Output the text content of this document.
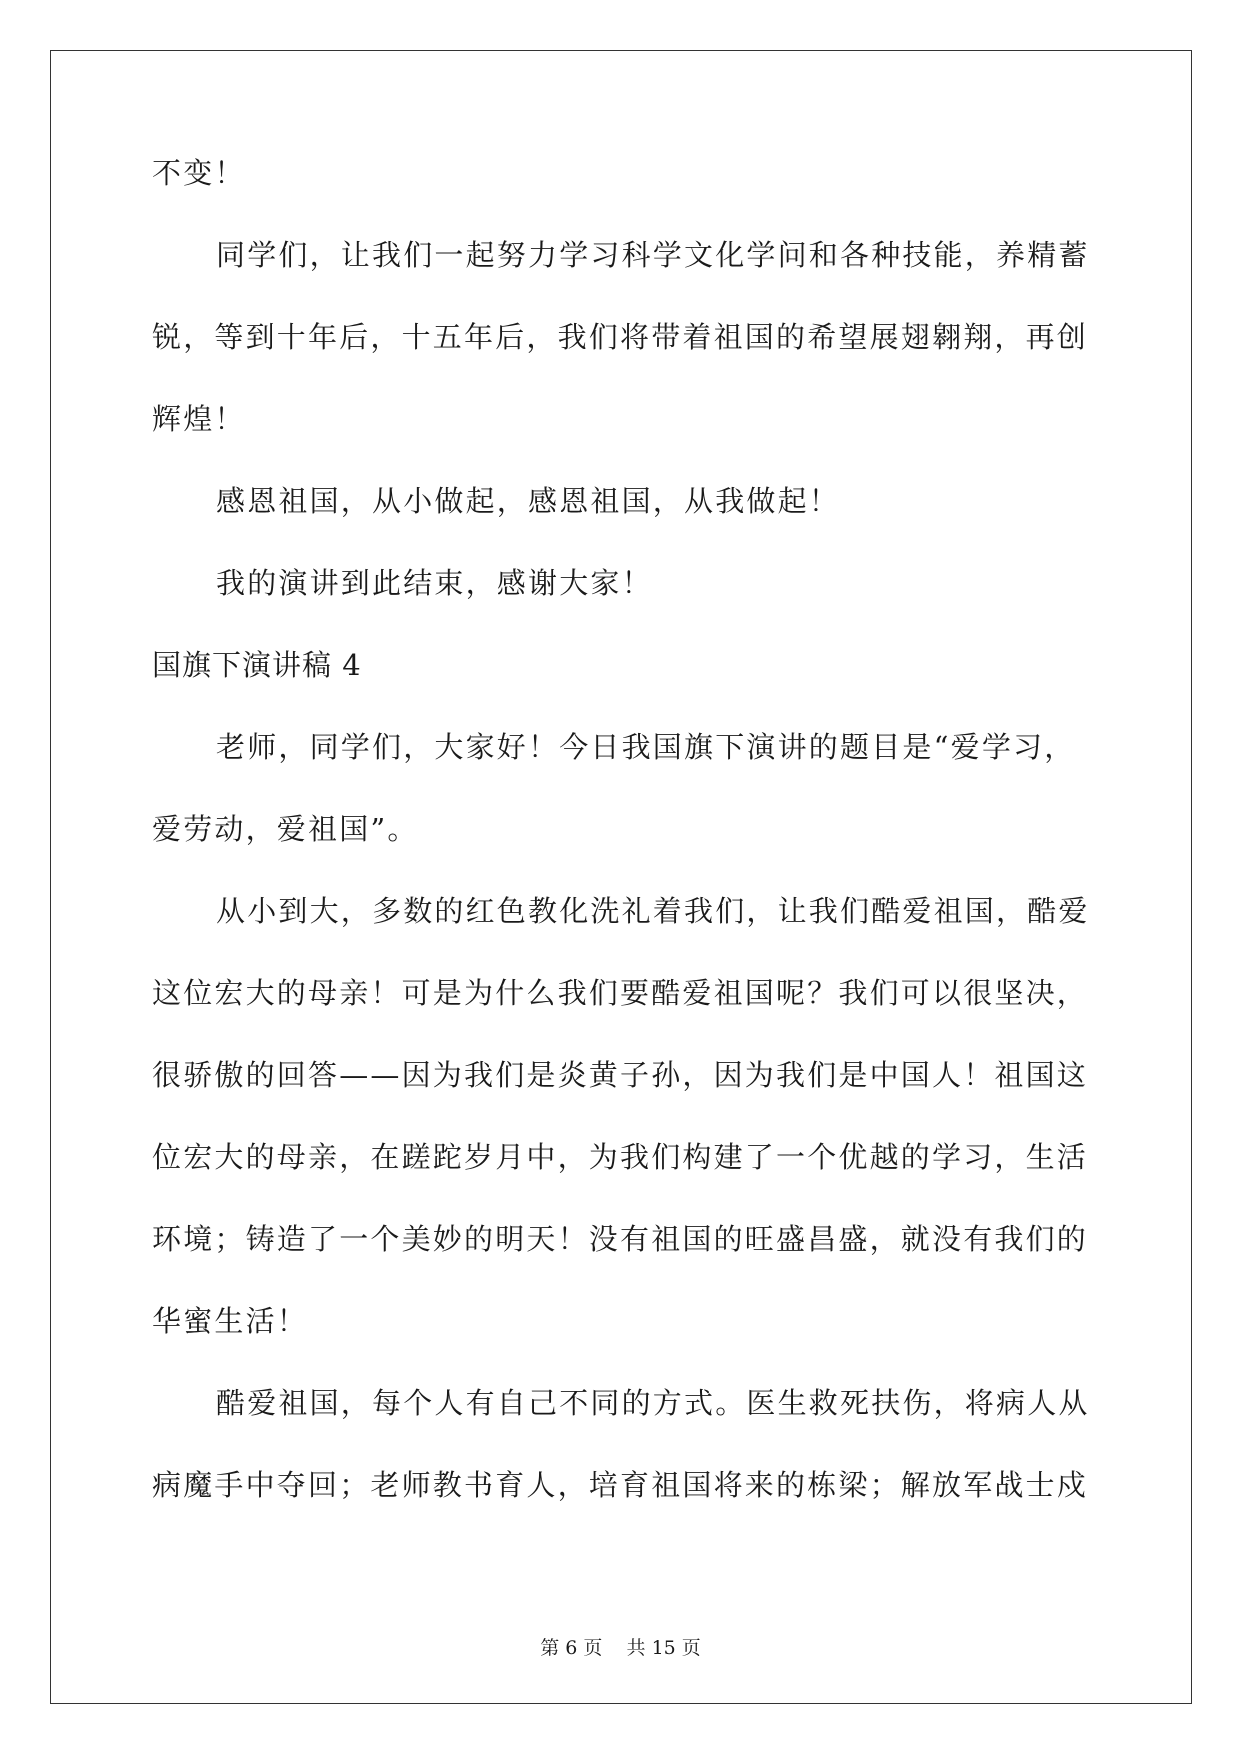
不变！

同学们，让我们一起努力学习科学文化学问和各种技能，养精蓄

锐，等到十年后，十五年后，我们将带着祖国的希望展翅翱翔，再创

辉煌！

感恩祖国，从小做起，感恩祖国，从我做起！

我的演讲到此结束，感谢大家！

国旗下演讲稿 4

老师，同学们，大家好！今日我国旗下演讲的题目是“爱学习，

爱劳动，爱祖国”。

从小到大，多数的红色教化洗礼着我们，让我们酷爱祖国，酷爱

这位宏大的母亲！可是为什么我们要酷爱祖国呢？我们可以很坚决，

很骄傲的回答——因为我们是炎黄子孙，因为我们是中国人！祖国这

位宏大的母亲，在蹉跎岁月中，为我们构建了一个优越的学习，生活

环境；铸造了一个美妙的明天！没有祖国的旺盛昌盛，就没有我们的

华蜜生活！

酷爱祖国，每个人有自己不同的方式。医生救死扶伤，将病人从

病魔手中夺回；老师教书育人，培育祖国将来的栋梁；解放军战士戍

第 6 页 共 15 页
